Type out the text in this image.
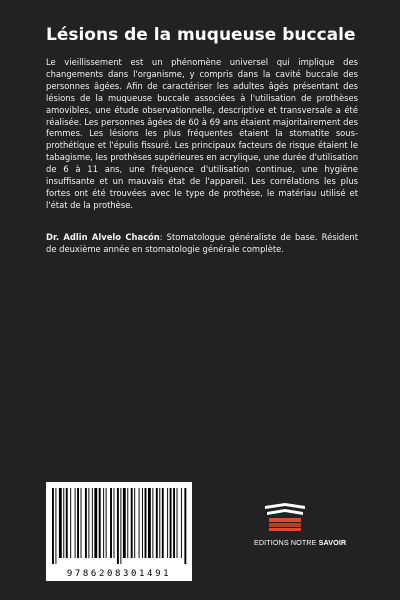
Lésions de la muqueuse buccale

Le vieillissement est un phénomène universel qui implique des changements dans l'organisme, y compris dans la cavité buccale des personnes âgées. Afin de caractériser les adultes âgés présentant des lésions de la muqueuse buccale associées à l'utilisation de prothèses amovibles, une étude observationnelle, descriptive et transversale a été réalisée. Les personnes âgées de 60 à 69 ans étaient majoritairement des femmes. Les lésions les plus fréquentes étaient la stomatite sous-prothétique et l'épulis fissuré. Les principaux facteurs de risque étaient le tabagisme, les prothèses supérieures en acrylique, une durée d'utilisation de 6 à 11 ans, une fréquence d'utilisation continue, une hygiène insuffisante et un mauvais état de l'appareil. Les corrélations les plus fortes ont été trouvées avec le type de prothèse, le matériau utilisé et l'état de la prothèse.

Dr. Adlin Alvelo Chacón: Stomatologue généraliste de base. Résident de deuxième année en stomatologie générale complète.

9786208301491
EDITIONS NOTRE SAVOIR
